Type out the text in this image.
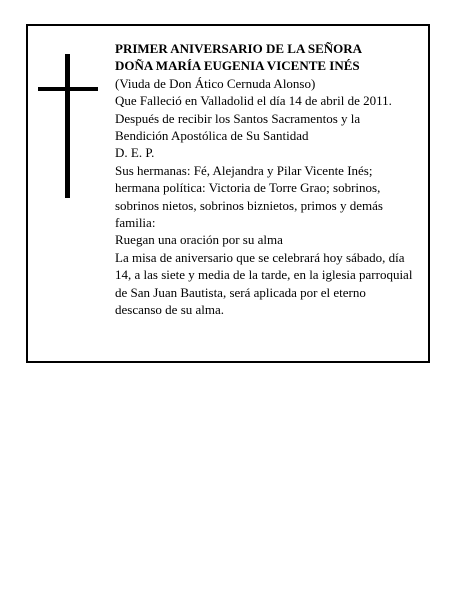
PRIMER ANIVERSARIO DE LA SEÑORA

DOÑA MARÍA EUGENIA VICENTE INÉS

(Viuda de Don Ático Cernuda Alonso)

Que Falleció en Valladolid el día 14 de abril de 2011.

Después de recibir los Santos Sacramentos y la Bendición Apostólica de Su Santidad

D. E. P.

Sus hermanas: Fé, Alejandra y Pilar Vicente Inés; hermana política: Victoria de Torre Grao; sobrinos, sobrinos nietos, sobrinos biznietos, primos y demás familia:

Ruegan una oración por su alma

La misa de aniversario que se celebrará hoy sábado, día 14, a las siete y media de la tarde, en la iglesia parroquial de San Juan Bautista, será aplicada por el eterno descanso de su alma.
